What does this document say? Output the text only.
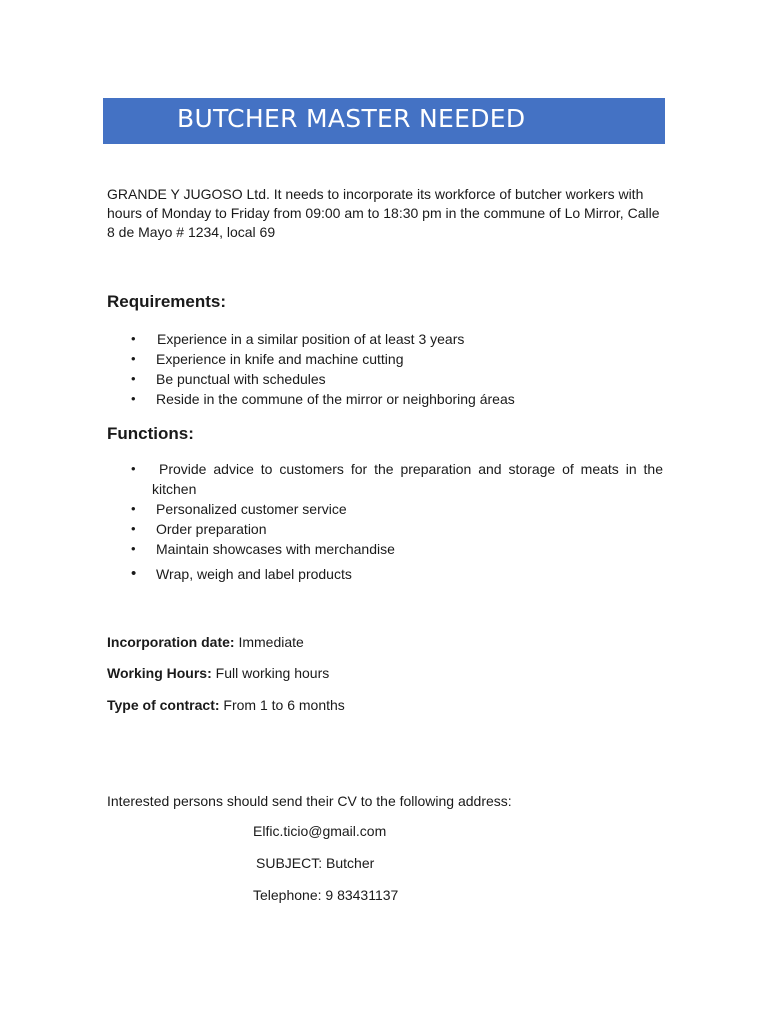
BUTCHER MASTER NEEDED
GRANDE Y JUGOSO Ltd. It needs to incorporate its workforce of butcher workers with hours of Monday to Friday from 09:00 am to 18:30 pm in the commune of Lo Mirror, Calle 8 de Mayo # 1234, local 69
Requirements:
• Experience in a similar position of at least 3 years
• Experience in knife and machine cutting
• Be punctual with schedules
• Reside in the commune of the mirror or neighboring áreas
Functions:
•	Provide advice to customers for the preparation and storage of meats in the
kitchen
• Personalized customer service
• Order preparation
• Maintain showcases with merchandise
• Wrap, weigh and label products
Incorporation date: Immediate
Working Hours: Full working hours
Type of contract: From 1 to 6 months
Interested persons should send their CV to the following address:
Elfic.ticio@gmail.com
SUBJECT: Butcher
Telephone: 9 83431137
